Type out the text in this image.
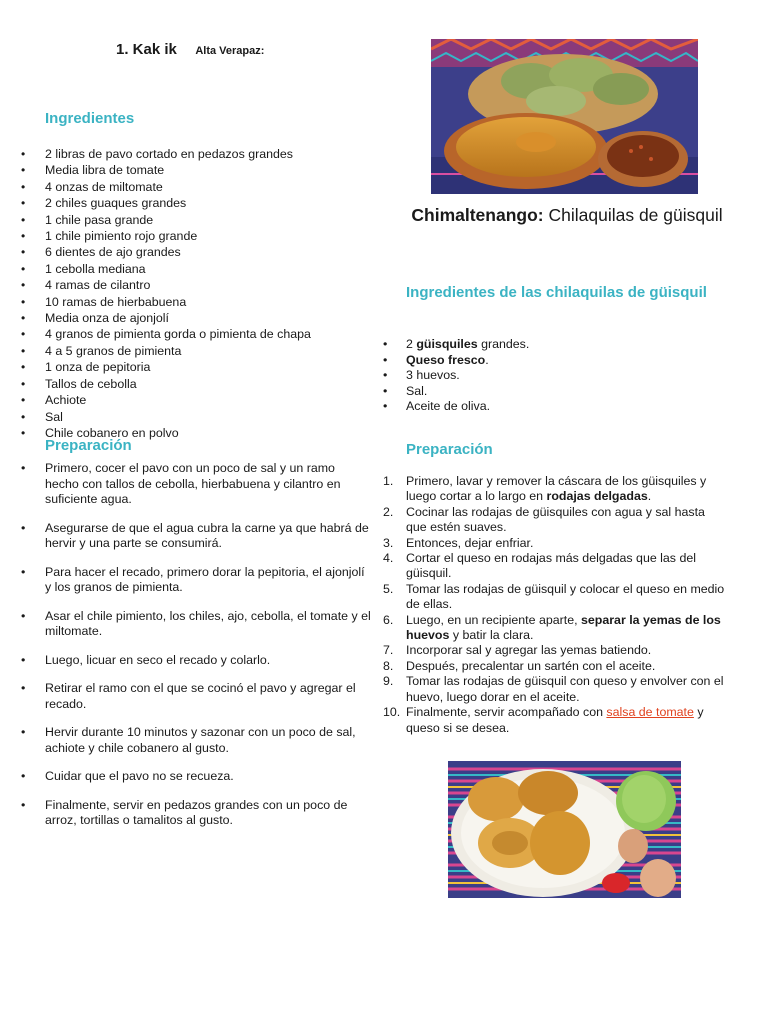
1. Kak ik Alta Verapaz:
Ingredientes
• 2 libras de pavo cortado en pedazos grandes
• Media libra de tomate
• 4 onzas de miltomate
• 2 chiles guaques grandes
• 1 chile pasa grande
• 1 chile pimiento rojo grande
• 6 dientes de ajo grandes
• 1 cebolla mediana
• 4 ramas de cilantro
• 10 ramas de hierbabuena
• Media onza de ajonjolí
• 4 granos de pimienta gorda o pimienta de chapa
• 4 a 5 granos de pimienta
• 1 onza de pepitoria
• Tallos de cebolla
• Achiote
• Sal
• Chile cobanero en polvo
Preparación
• Primero, cocer el pavo con un poco de sal y un ramo hecho con tallos de cebolla, hierbabuena y cilantro en suficiente agua.
• Asegurarse de que el agua cubra la carne ya que habrá de hervir y una parte se consumirá.
• Para hacer el recado, primero dorar la pepitoria, el ajonjolí y los granos de pimienta.
• Asar el chile pimiento, los chiles, ajo, cebolla, el tomate y el miltomate.
• Luego, licuar en seco el recado y colarlo.
• Retirar el ramo con el que se cocinó el pavo y agregar el recado.
• Hervir durante 10 minutos y sazonar con un poco de sal, achiote y chile cobanero al gusto.
• Cuidar que el pavo no se recueza.
• Finalmente, servir en pedazos grandes con un poco de arroz, tortillas o tamalitos al gusto.
Chimaltenango: Chilaquilas de güisquil
Ingredientes de las chilaquilas de güisquil
• 2 güisquiles grandes.
• Queso fresco.
• 3 huevos.
• Sal.
• Aceite de oliva.
Preparación
1. Primero, lavar y remover la cáscara de los güisquiles y luego cortar a lo largo en rodajas delgadas.
2. Cocinar las rodajas de güisquiles con agua y sal hasta que estén suaves.
3. Entonces, dejar enfriar.
4. Cortar el queso en rodajas más delgadas que las del güisquil.
5. Tomar las rodajas de güisquil y colocar el queso en medio de ellas.
6. Luego, en un recipiente aparte, separar la yemas de los huevos y batir la clara.
7. Incorporar sal y agregar las yemas batiendo.
8. Después, precalentar un sartén con el aceite.
9. Tomar las rodajas de güisquil con queso y envolver con el huevo, luego dorar en el aceite.
10. Finalmente, servir acompañado con salsa de tomate y queso si se desea.
